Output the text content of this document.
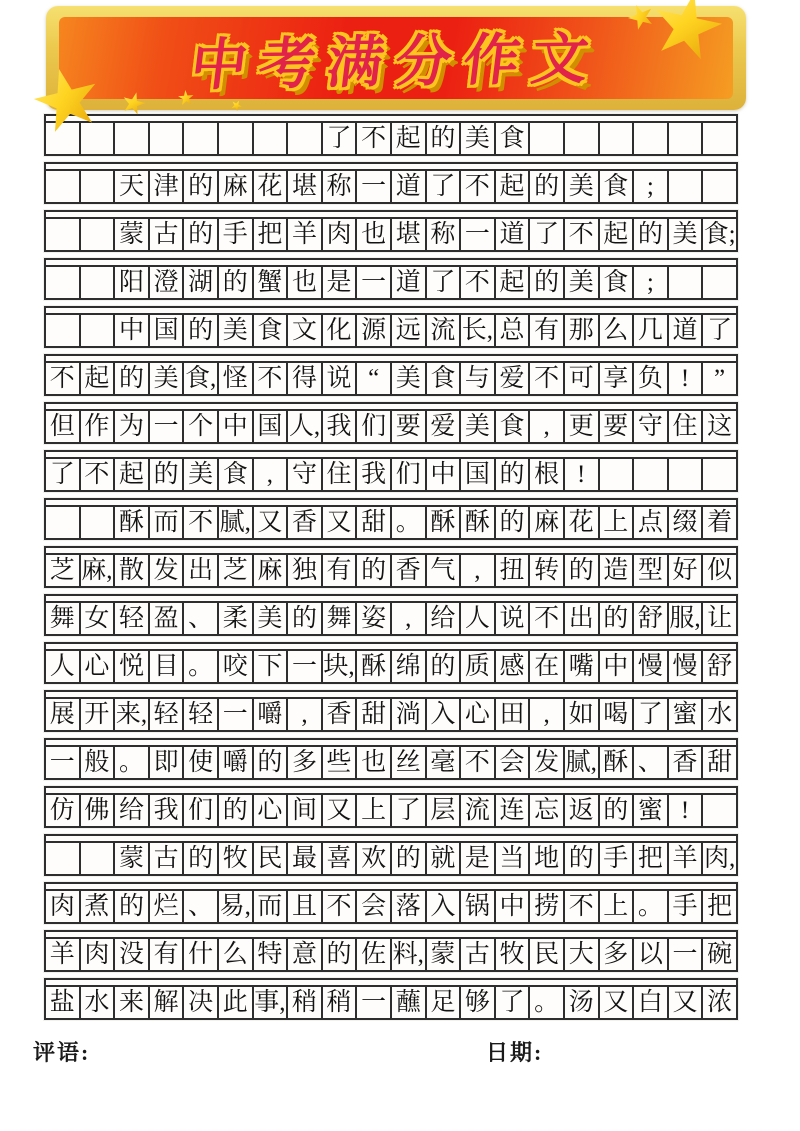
中考满分作文
了 不 起 的 美 食
天 津 的 麻 花 堪 称 一 道 了 不 起 的 美 食 ;
蒙 古 的 手 把 羊 肉 也 堪 称 一 道 了 不 起 的 美 食;
阳 澄 湖 的 蟹 也 是 一 道 了 不 起 的 美 食 ;
中 国 的 美 食 文 化 源 远 流 长, 总 有 那 么 几 道 了
不 起 的 美 食, 怪 不 得 说 “ 美 食 与 爱 不 可 享 负 ! ”
但 作 为 一 个 中 国 人, 我 们 要 爱 美 食 , 更 要 守 住 这
了 不 起 的 美 食 , 守 住 我 们 中 国 的 根 !
酥 而 不 腻, 又 香 又 甜 。 酥 酥 的 麻 花 上 点 缀 着
芝 麻, 散 发 出 芝 麻 独 有 的 香 气 , 扭 转 的 造 型 好 似
舞 女 轻 盈 、 柔 美 的 舞 姿 , 给 人 说 不 出 的 舒 服, 让
人 心 悦 目 。 咬 下 一 块, 酥 绵 的 质 感 在 嘴 中 慢 慢 舒
展 开 来, 轻 轻 一 嚼 , 香 甜 淌 入 心 田 , 如 喝 了 蜜 水
一 般 。 即 使 嚼 的 多 些 也 丝 毫 不 会 发 腻, 酥 、 香 甜
仿 佛 给 我 们 的 心 间 又 上 了 层 流 连 忘 返 的 蜜 !
蒙 古 的 牧 民 最 喜 欢 的 就 是 当 地 的 手 把 羊 肉,
肉 煮 的 烂 、 易, 而 且 不 会 落 入 锅 中 捞 不 上 。 手 把
羊 肉 没 有 什 么 特 意 的 佐 料, 蒙 古 牧 民 大 多 以 一 碗
盐 水 来 解 决 此 事, 稍 稍 一 蘸 足 够 了 。 汤 又 白 又 浓
评语:	日期:
